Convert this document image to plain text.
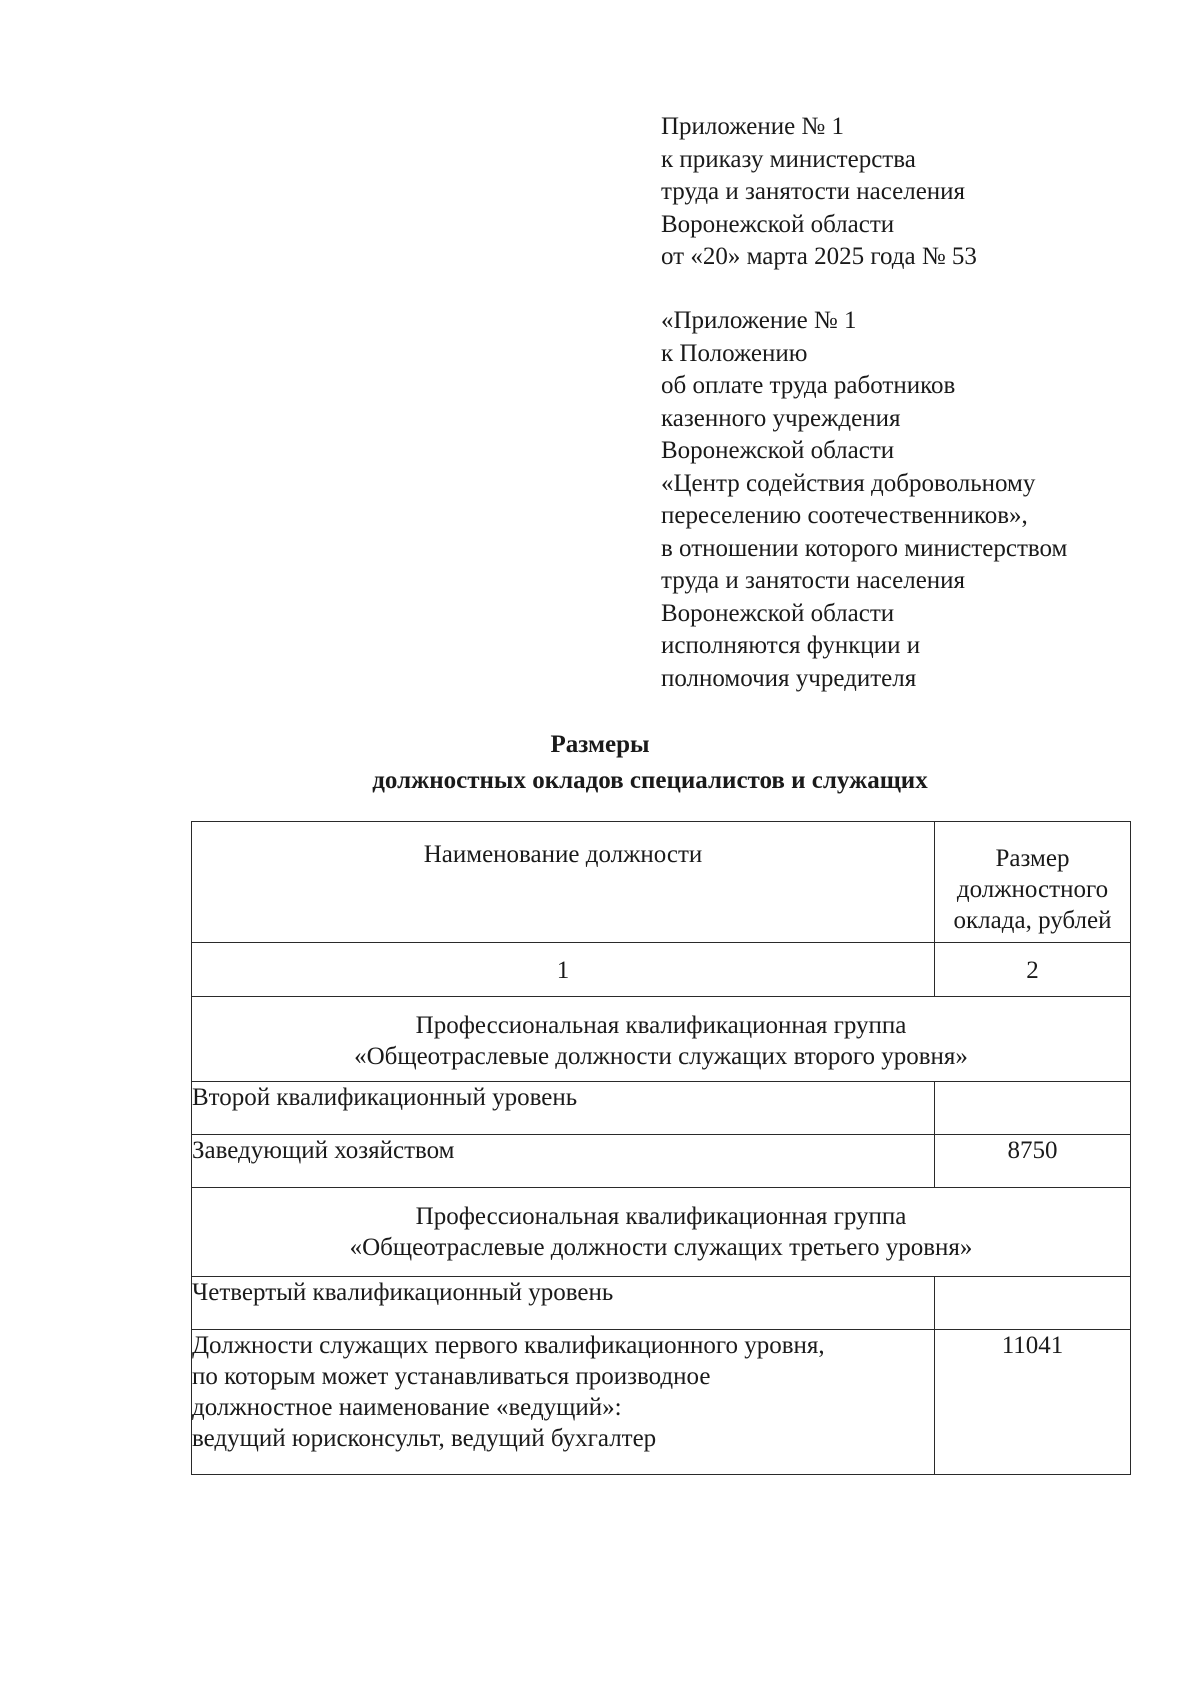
Приложение № 1
к приказу министерства
труда и занятости населения
Воронежской области
от «20» марта 2025 года № 53
«Приложение № 1
к Положению
об оплате труда работников
казенного учреждения
Воронежской области
«Центр содействия добровольному
переселению соотечественников»,
в отношении которого министерством
труда и занятости населения
Воронежской области
исполняются функции и
полномочия учредителя
Размеры
должностных окладов специалистов и служащих
Наименование должности	Размер
должностного
оклада, рублей

1	2

Профессиональная квалификационная группа
«Общеотраслевые должности служащих второго уровня»	

Второй квалификационный уровень	
Заведующий хозяйством	8750

Профессиональная квалификационная группа
«Общеотраслевые должности служащих третьего уровня»	

Четвертый квалификационный уровень	

Должности служащих первого квалификационного уровня,
по которым может устанавливаться производное
должностное наименование «ведущий»:
ведущий юрисконсульт, ведущий бухгалтер	11041
